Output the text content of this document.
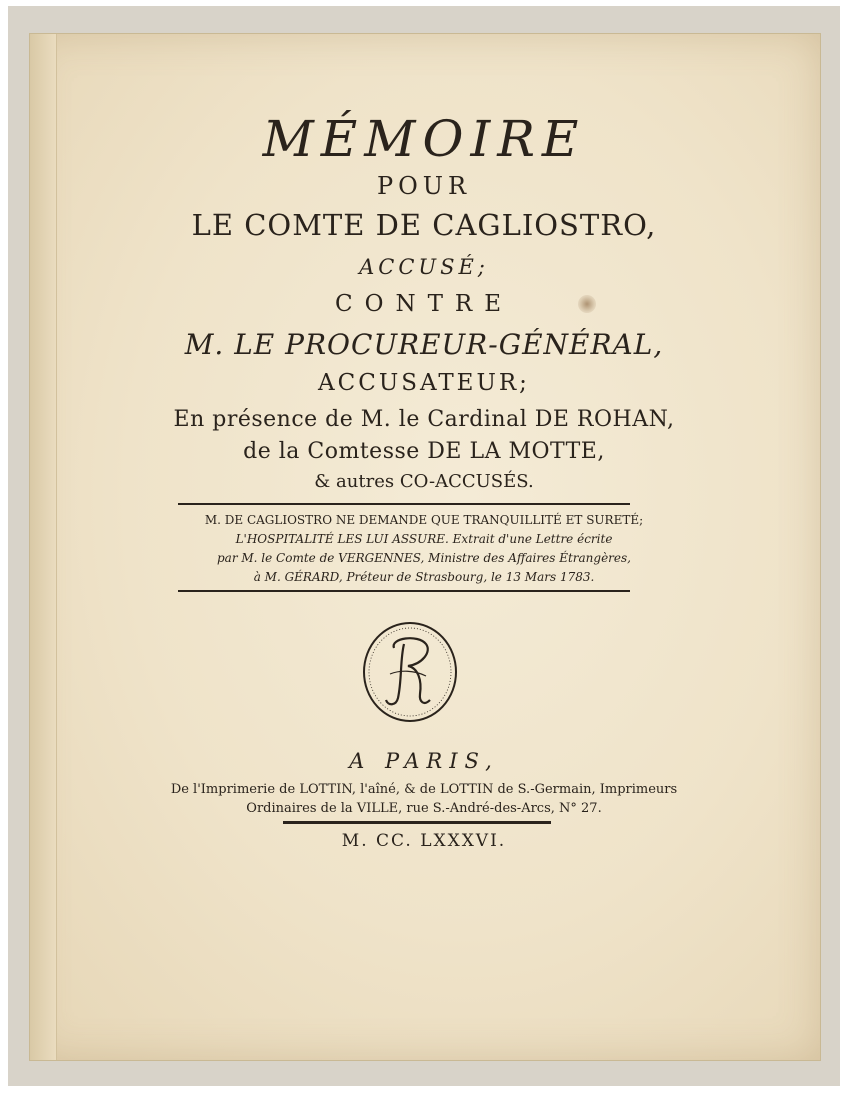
MÉMOIRE
POUR
LE COMTE DE CAGLIOSTRO,
ACCUSÉ;
CONTRE
M. LE PROCUREUR-GÉNÉRAL,
ACCUSATEUR;
En présence de M. le Cardinal DE ROHAN,
de la Comtesse DE LA MOTTE,
& autres CO-ACCUSÉS.
M. DE CAGLIOSTRO NE DEMANDE QUE TRANQUILLITÉ ET SURETÉ;
L'HOSPITALITÉ LES LUI ASSURE. Extrait d'une Lettre écrite
par M. le Comte de VERGENNES, Ministre des Affaires Étrangères,
à M. GÉRARD, Préteur de Strasbourg, le 13 Mars 1783.
A PARIS,
De l'Imprimerie de LOTTIN, l'aîné, & de LOTTIN de S.-Germain, Imprimeurs
Ordinaires de la VILLE, rue S.-André-des-Arcs, N° 27.
M. CC. LXXXVI.
